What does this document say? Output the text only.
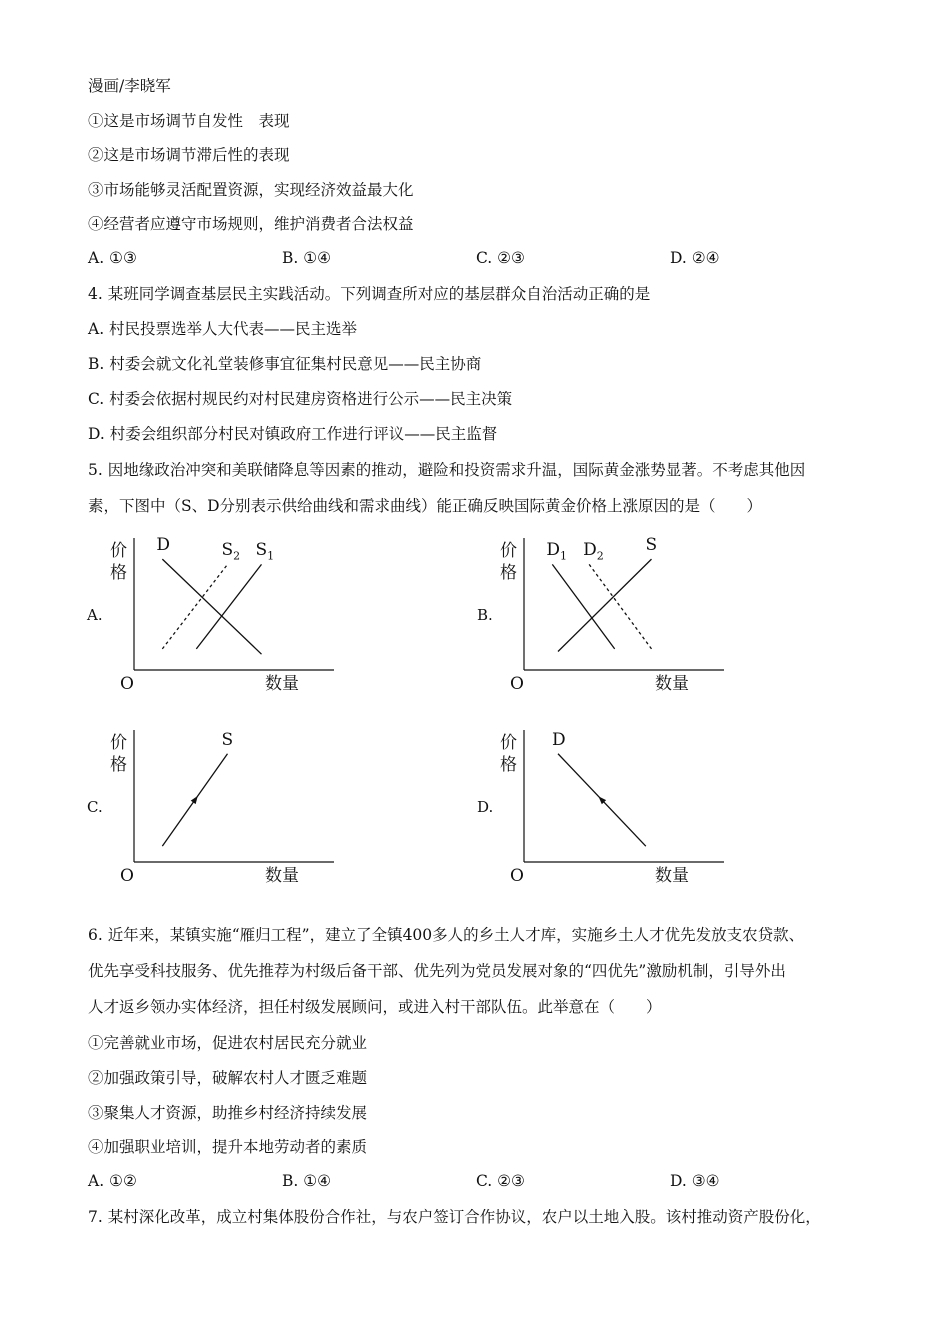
漫画/李晓军
①这是市场调节自发性　表现
②这是市场调节滞后性的表现
③市场能够灵活配置资源，实现经济效益最大化
④经营者应遵守市场规则，维护消费者合法权益
A. ①③	B. ①④	C. ②③	D. ②④
4. 某班同学调查基层民主实践活动。下列调查所对应的基层群众自治活动正确的是
A. 村民投票选举人大代表——民主选举
B. 村委会就文化礼堂装修事宜征集村民意见——民主协商
C. 村委会依据村规民约对村民建房资格进行公示——民主决策
D. 村委会组织部分村民对镇政府工作进行评议——民主监督
5. 因地缘政治冲突和美联储降息等因素的推动，避险和投资需求升温，国际黄金涨势显著。不考虑其他因
素，下图中（S、D分别表示供给曲线和需求曲线）能正确反映国际黄金价格上涨原因的是（　　）
D	$S_2$ $S_1$
价格
O	数量
A.
$D_1$ $D_2$
S
价格
O	数量
B.
S
价格
O	数量
C.
D
价格
O	数量
D.
6. 近年来，某镇实施“雁归工程”，建立了全镇400多人的乡土人才库，实施乡土人才优先发放支农贷款、
优先享受科技服务、优先推荐为村级后备干部、优先列为党员发展对象的“四优先”激励机制，引导外出
人才返乡领办实体经济，担任村级发展顾问，或进入村干部队伍。此举意在（　　）
①完善就业市场，促进农村居民充分就业
②加强政策引导，破解农村人才匮乏难题
③聚集人才资源，助推乡村经济持续发展
④加强职业培训，提升本地劳动者的素质
A. ①②	B. ①④	C. ②③	D. ③④
7. 某村深化改革，成立村集体股份合作社，与农户签订合作协议，农户以土地入股。该村推动资产股份化，
